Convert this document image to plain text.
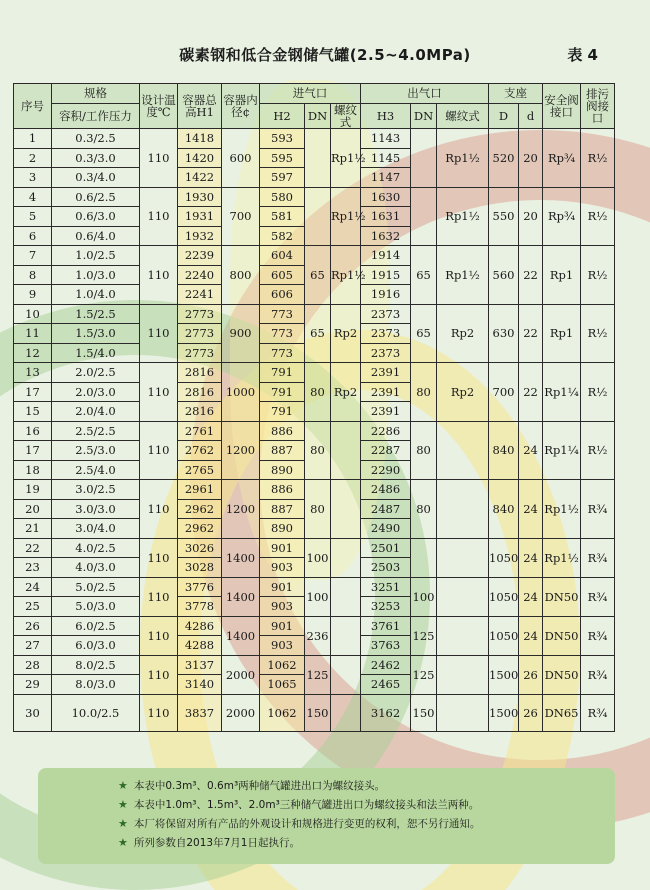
碳素钢和低合金钢储气罐(2.5~4.0MPa)	表 4
序号	规格	设计温度℃	容器总高H1	容器内径¢	进气口			出气口			支座		安全阀接口	排污阀接口
	容积/工作压力				H2	DN	螺纹式	H3	DN	螺纹式	D	d		

1	0.3/2.5	110	1418	600	593		Rp1½	1143		Rp1½	520	20	Rp¾	R½
2	0.3/3.0		1420		595			1145						
3	0.3/4.0		1422		597			1147						
4	0.6/2.5	110	1930	700	580		Rp1½	1630		Rp1½	550	20	Rp¾	R½
5	0.6/3.0		1931		581			1631						
6	0.6/4.0		1932		582			1632						
7	1.0/2.5	110	2239	800	604	65	Rp1½	1914	65	Rp1½	560	22	Rp1	R½
8	1.0/3.0		2240		605			1915						
9	1.0/4.0		2241		606			1916						
10	1.5/2.5	110	2773	900	773	65	Rp2	2373	65	Rp2	630	22	Rp1	R½
11	1.5/3.0		2773		773			2373						
12	1.5/4.0		2773		773			2373						
13	2.0/2.5	110	2816	1000	791	80	Rp2	2391	80	Rp2	700	22	Rp1¼	R½
17	2.0/3.0		2816		791			2391						
15	2.0/4.0		2816		791			2391						
16	2.5/2.5	110	2761	1200	886	80		2286	80		840	24	Rp1¼	R½
17	2.5/3.0		2762		887			2287						
18	2.5/4.0		2765		890			2290						
19	3.0/2.5	110	2961	1200	886	80		2486	80		840	24	Rp1½	R¾
20	3.0/3.0		2962		887			2487						
21	3.0/4.0		2962		890			2490						
22	4.0/2.5	110	3026	1400	901	100		2501			1050	24	Rp1½	R¾
23	4.0/3.0		3028		903			2503						
24	5.0/2.5	110	3776	1400	901	100		3251	100		1050	24	DN50	R¾
25	5.0/3.0		3778		903			3253						
26	6.0/2.5	110	4286	1400	901	236		3761	125		1050	24	DN50	R¾
27	6.0/3.0		4288		903			3763						
28	8.0/2.5	110	3137	2000	1062	125		2462	125		1500	26	DN50	R¾
29	8.0/3.0		3140		1065			2465						
30	10.0/2.5	110	3837	2000	1062	150		3162	150		1500	26	DN65	R¾
★ 本表中0.3m³、0.6m³两种储气罐进出口为螺纹接头。
★ 本表中1.0m³、1.5m³、2.0m³三种储气罐进出口为螺纹接头和法兰两种。
★ 本厂将保留对所有产品的外观设计和规格进行变更的权利，恕不另行通知。
★ 所列参数自2013年7月1日起执行。
